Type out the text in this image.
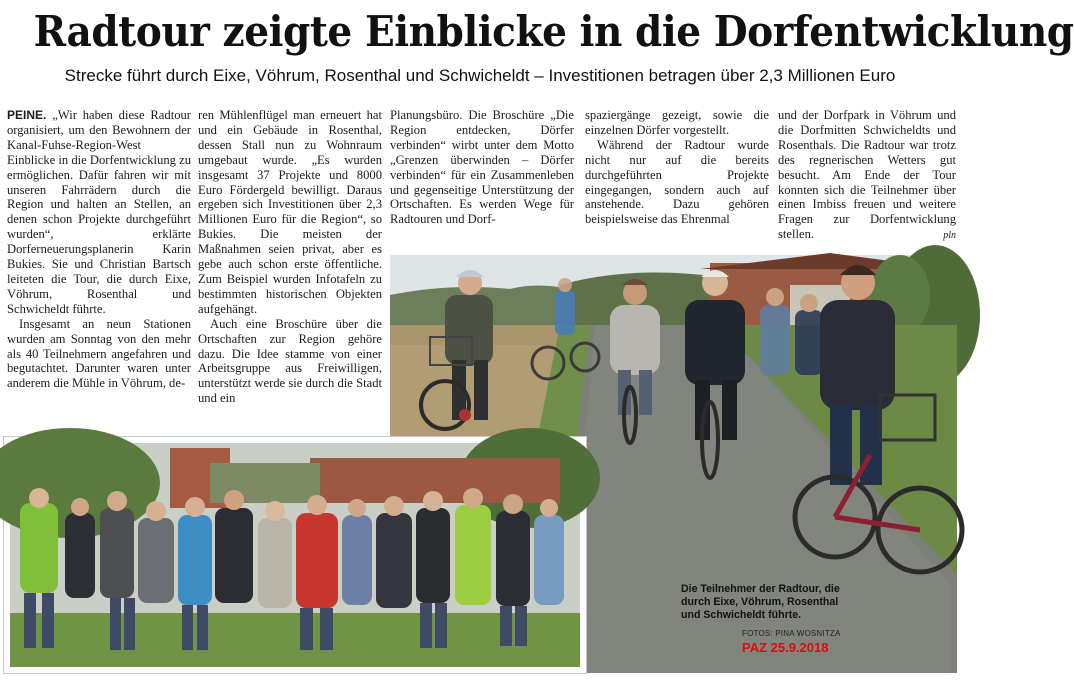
Radtour zeigte Einblicke in die Dorfentwicklung
Strecke führt durch Eixe, Vöhrum, Rosenthal und Schwicheldt – Investitionen betragen über 2,3 Millionen Euro

PEINE. „Wir haben diese Radtour organisiert, um den Bewohnern der Kanal-Fuhse-Region-West Einblicke in die Dorfentwicklung zu ermöglichen. Dafür fahren wir mit unseren Fahrrädern durch die Region und halten an Stellen, an denen schon Projekte durchgeführt wurden“, erklärte Dorferneuerungsplanerin Karin Bukies. Sie und Christian Bartsch leiteten die Tour, die durch Eixe, Vöhrum, Rosenthal und Schwicheldt führte.

Insgesamt an neun Stationen wurden am Sonntag von den mehr als 40 Teilnehmern angefahren und begutachtet. Darunter waren unter anderem die Mühle in Vöhrum, de-

ren Mühlenflügel man erneuert hat und ein Gebäude in Rosenthal, dessen Stall nun zu Wohnraum umgebaut wurde. „Es wurden insgesamt 37 Projekte und 8000 Euro Fördergeld bewilligt. Daraus ergeben sich Investitionen über 2,3 Millionen Euro für die Region“, so Bukies. Die meisten der Maßnahmen seien privat, aber es gebe auch schon erste öffentliche. Zum Beispiel wurden Infotafeln zu bestimmten historischen Objekten aufgehängt.

Auch eine Broschüre über die Ortschaften zur Region gehöre dazu. Die Idee stamme von einer Arbeitsgruppe aus Freiwilligen, unterstützt werde sie durch die Stadt und ein

Planungsbüro. Die Broschüre „Die Region entdecken, Dörfer verbinden“ wirbt unter dem Motto „Grenzen überwinden – Dörfer verbinden“ für ein Zusammenleben und gegenseitige Unterstützung der Ortschaften. Es werden Wege für Radtouren und Dorf-

spaziergänge gezeigt, sowie die einzelnen Dörfer vorgestellt.

Während der Radtour wurde nicht nur auf die bereits durchgeführten Projekte eingegangen, sondern auch auf anstehende. Dazu gehören beispielsweise das Ehrenmal

und der Dorfpark in Vöhrum und die Dorfmitten Schwicheldts und Rosenthals. Die Radtour war trotz des regnerischen Wetters gut besucht. Am Ende der Tour konnten sich die Teilnehmer über einen Imbiss freuen und weitere Fragen zur Dorfentwicklung stellen.	pln

Die Teilnehmer der Radtour, die durch Eixe, Vöhrum, Rosenthal und Schwicheldt führte.
FOTOS: PINA WOSNITZA
PAZ 25.9.2018
